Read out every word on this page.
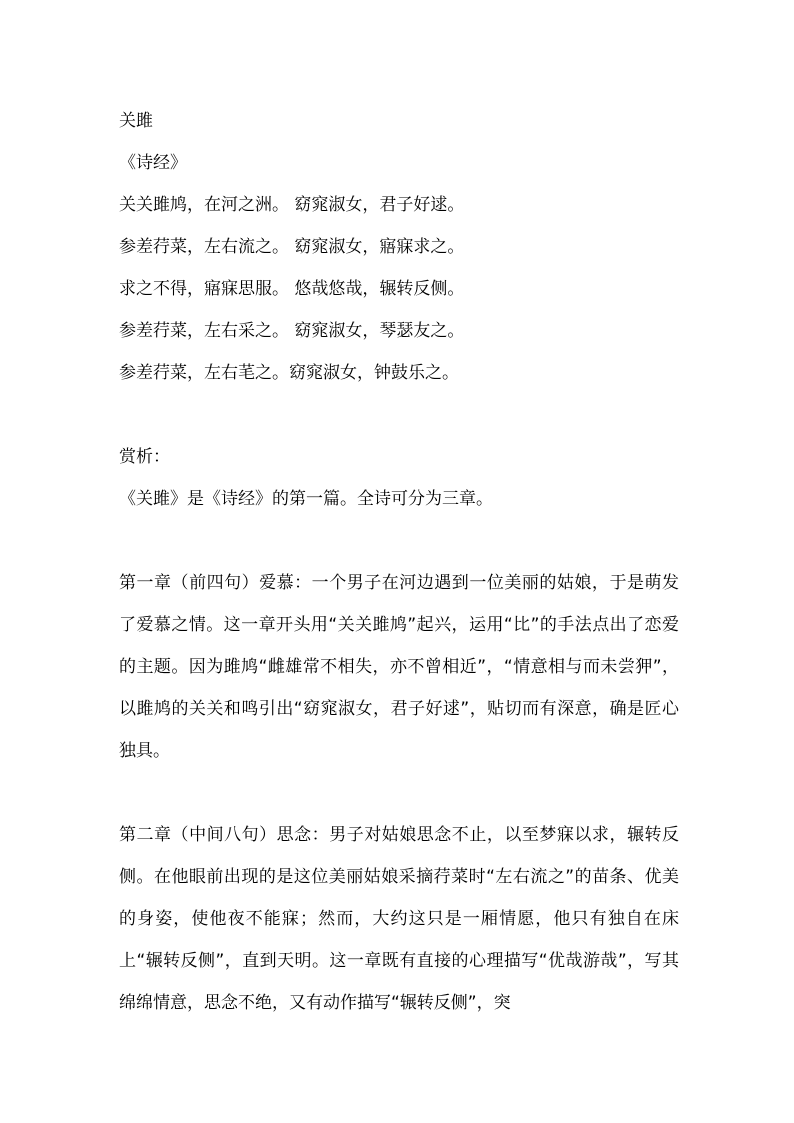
关雎
《诗经》
关关雎鸠，在河之洲。 窈窕淑女，君子好逑。
参差荇菜，左右流之。 窈窕淑女，寤寐求之。
求之不得，寤寐思服。 悠哉悠哉，辗转反侧。
参差荇菜，左右采之。 窈窕淑女，琴瑟友之。
参差荇菜，左右芼之。窈窕淑女，钟鼓乐之。
赏析：
《关雎》是《诗经》的第一篇。全诗可分为三章。
第一章（前四句）爱慕：一个男子在河边遇到一位美丽的姑娘，于是萌发了爱慕之情。这一章开头用“关关雎鸠”起兴，运用“比”的手法点出了恋爱的主题。因为雎鸠“雌雄常不相失，亦不曾相近”，“情意相与而未尝狎”，以雎鸠的关关和鸣引出“窈窕淑女，君子好逑”，贴切而有深意，确是匠心独具。
第二章（中间八句）思念：男子对姑娘思念不止，以至梦寐以求，辗转反侧。在他眼前出现的是这位美丽姑娘采摘荇菜时“左右流之”的苗条、优美的身姿，使他夜不能寐；然而，大约这只是一厢情愿，他只有独自在床上“辗转反侧”，直到天明。这一章既有直接的心理描写“优哉游哉”，写其绵绵情意，思念不绝，又有动作描写“辗转反侧”，突
